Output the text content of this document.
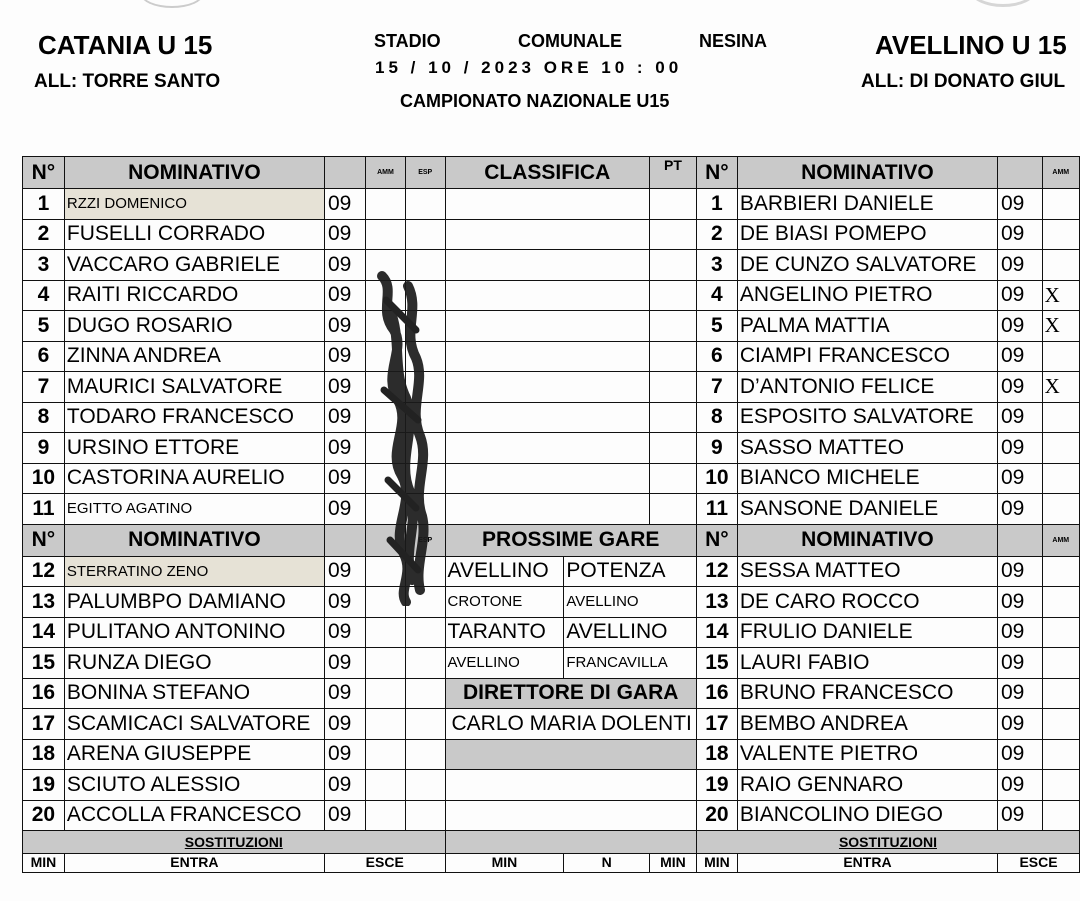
CATANIA U 15
ALL: TORRE SANTO
AVELLINO U 15
ALL: DI DONATO GIUL
STADIO	COMUNALE	NESINA
15 / 10 / 2023 ORE 10 : 00
CAMPIONATO NAZIONALE U15
N°	NOMINATIVO		AMM	ESP	CLASSIFICA		PT	N°	NOMINATIVO		AMM
1	RZZI DOMENICO	09						1	BARBIERI DANIELE	09	
2	FUSELLI CORRADO	09						2	DE BIASI POMEPO	09	
3	VACCARO GABRIELE	09						3	DE CUNZO SALVATORE	09	
4	RAITI RICCARDO	09						4	ANGELINO PIETRO	09	X
5	DUGO ROSARIO	09						5	PALMA MATTIA	09	X
6	ZINNA ANDREA	09						6	CIAMPI FRANCESCO	09	
7	MAURICI SALVATORE	09						7	D’ANTONIO FELICE	09	X
8	TODARO FRANCESCO	09						8	ESPOSITO SALVATORE	09	
9	URSINO ETTORE	09						9	SASSO MATTEO	09	
10	CASTORINA AURELIO	09						10	BIANCO MICHELE	09	
11	EGITTO AGATINO	09						11	SANSONE DANIELE	09	
N°	NOMINATIVO			ESP	PROSSIME GARE			N°	NOMINATIVO		AMM
12	STERRATINO ZENO	09			AVELLINO	POTENZA		12	SESSA MATTEO	09	
13	PALUMBPO DAMIANO	09			CROTONE	AVELLINO		13	DE CARO ROCCO	09	
14	PULITANO ANTONINO	09			TARANTO	AVELLINO		14	FRULIO DANIELE	09	
15	RUNZA DIEGO	09			AVELLINO	FRANCAVILLA		15	LAURI FABIO	09	
16	BONINA STEFANO	09			DIRETTORE DI GARA			16	BRUNO FRANCESCO	09	
17	SCAMICACI SALVATORE	09			CARLO MARIA DOLENTI			17	BEMBO ANDREA	09	
18	ARENA GIUSEPPE	09						18	VALENTE PIETRO	09	
19	SCIUTO ALESSIO	09						19	RAIO GENNARO	09	
20	ACCOLLA FRANCESCO	09						20	BIANCOLINO DIEGO	09	
SOSTITUZIONI								SOSTITUZIONI			
MIN	ENTRA	ESCE			MIN	N	MIN	MIN	ENTRA	ESCE	
